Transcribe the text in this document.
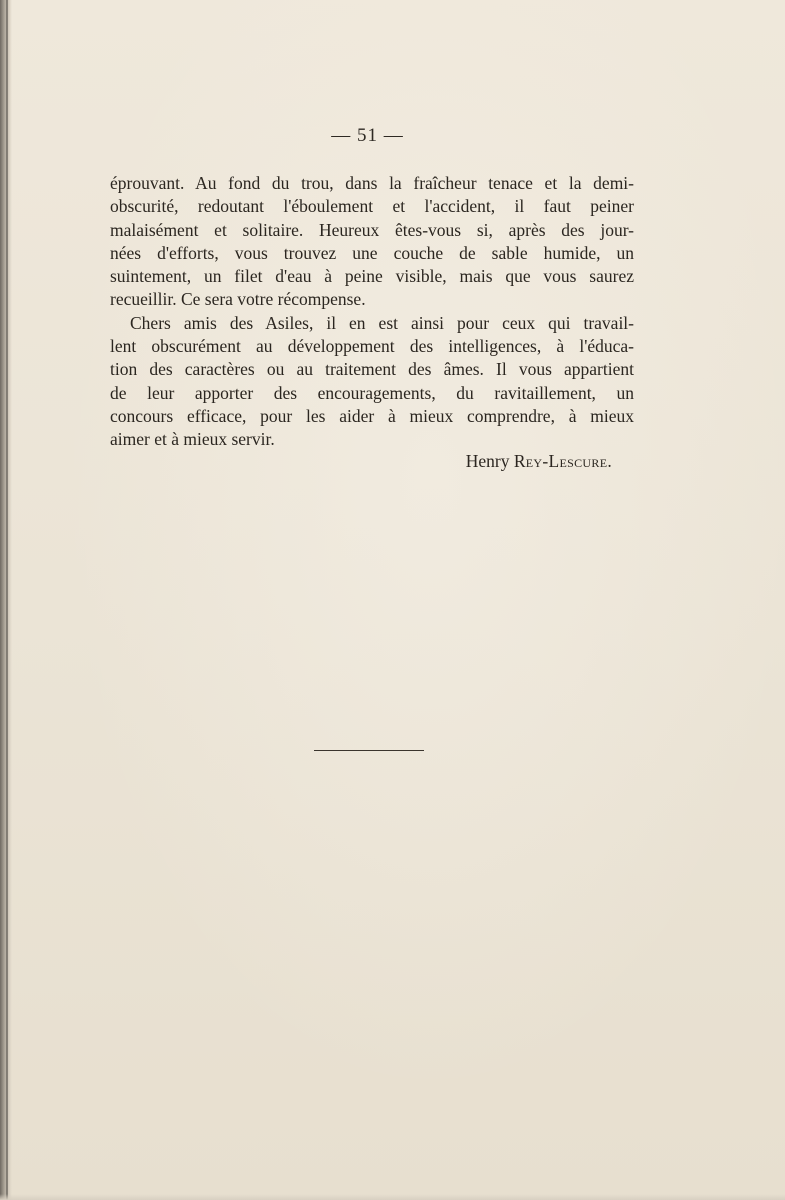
— 51 —
éprouvant. Au fond du trou, dans la fraîcheur tenace et la demi-
obscurité, redoutant l'éboulement et l'accident, il faut peiner
malaisément et solitaire. Heureux êtes-vous si, après des jour-
nées d'efforts, vous trouvez une couche de sable humide, un
suintement, un filet d'eau à peine visible, mais que vous saurez
recueillir. Ce sera votre récompense.
Chers amis des Asiles, il en est ainsi pour ceux qui travail-
lent obscurément au développement des intelligences, à l'éduca-
tion des caractères ou au traitement des âmes. Il vous appartient
de leur apporter des encouragements, du ravitaillement, un
concours efficace, pour les aider à mieux comprendre, à mieux
aimer et à mieux servir.
Henry Rey-Lescure.
